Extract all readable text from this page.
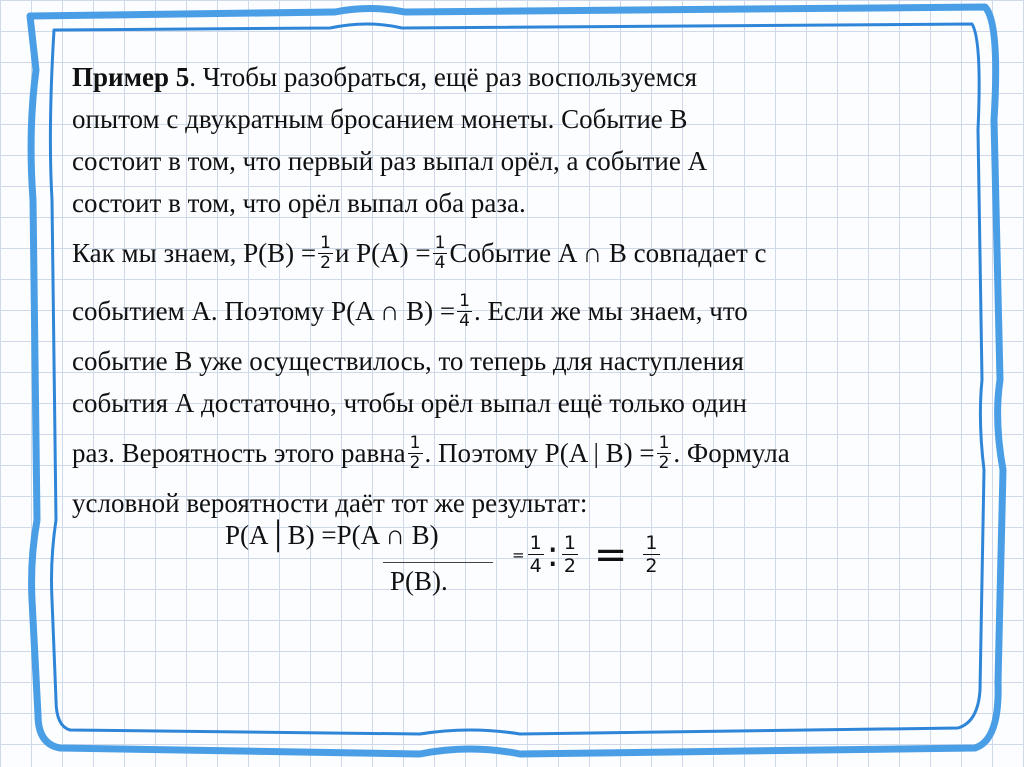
Пример 5. Чтобы разобраться, ещё раз воспользуемся
опытом с двукратным бросанием монеты. Событие В
состоит в том, что первый раз выпал орёл, а событие А
состоит в том, что орёл выпал оба раза.
Как мы знаем, $P(B) = \frac{1}{2}$ и $P(A) = \frac{1}{4}$ Событие A ∩ B совпадает с
событием А. Поэтому P(A ∩ $B) = \frac{1}{4}$ . Если же мы знаем, что
событие В уже осуществилось, то теперь для наступления
события А достаточно, чтобы орёл выпал ещё только один
раз. Вероятность этого равна $\frac{1}{2}$ . Поэтому P(A | $B) = \frac{1}{2}$ . Формула
условной вероятности даёт тот же результат:
P(A│B) =P(A ∩ B)
P(B).
= $\frac{1}{4}$ : $\frac{1}{2} = \frac{1}{2}$
